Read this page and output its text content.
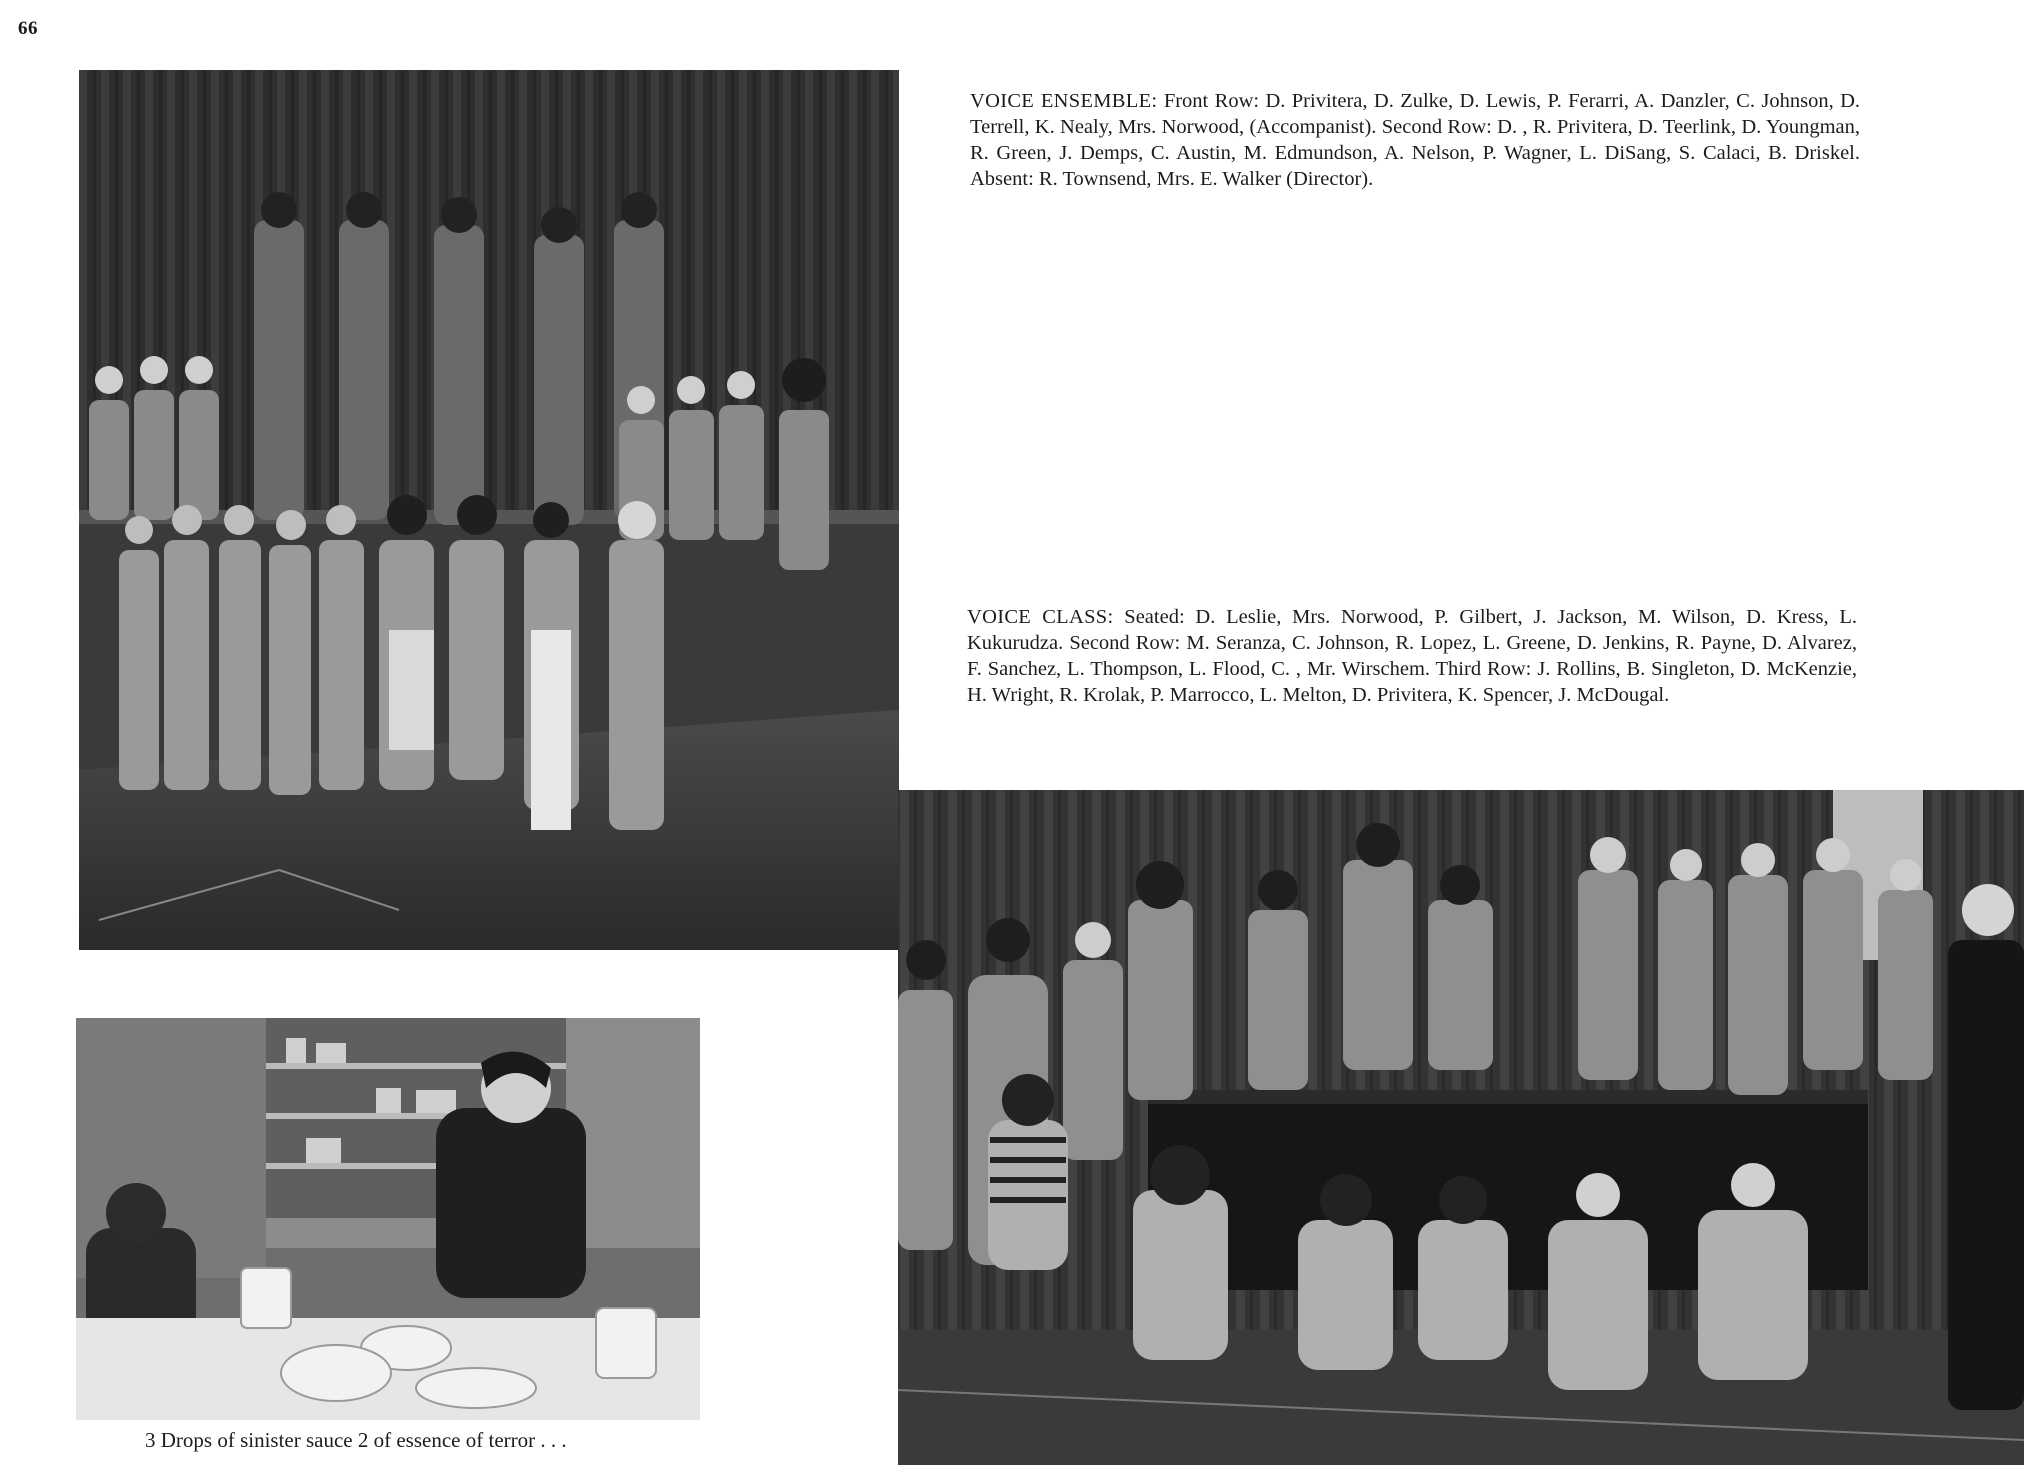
66
VOICE ENSEMBLE: Front Row: D. Privitera, D. Zulke, D. Lewis, P. Ferarri, A. Danzler, C. Johnson, D. Terrell, K. Nealy, Mrs. Norwood, (Accompanist). Second Row: D. , R. Privitera, D. Teerlink, D. Youngman, R. Green, J. Demps, C. Austin, M. Edmundson, A. Nelson, P. Wagner, L. DiSang, S. Calaci, B. Driskel. Absent: R. Townsend, Mrs. E. Walker (Director).
VOICE CLASS: Seated: D. Leslie, Mrs. Norwood, P. Gilbert, J. Jackson, M. Wilson, D. Kress, L. Kukurudza. Second Row: M. Seranza, C. Johnson, R. Lopez, L. Greene, D. Jenkins, R. Payne, D. Alvarez, F. Sanchez, L. Thompson, L. Flood, C. , Mr. Wirschem. Third Row: J. Rollins, B. Singleton, D. McKenzie, H. Wright, R. Krolak, P. Marrocco, L. Melton, D. Privitera, K. Spencer, J. McDougal.
3 Drops of sinister sauce 2 of essence of terror . . .
